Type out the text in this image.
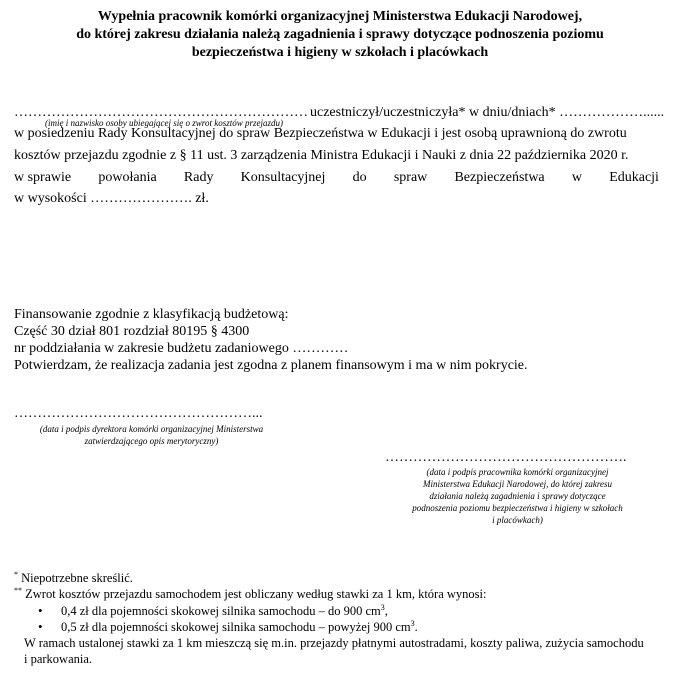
Wypełnia pracownik komórki organizacyjnej Ministerstwa Edukacji Narodowej,
do której zakresu działania należą zagadnienia i sprawy dotyczące podnoszenia poziomu
bezpieczeństwa i higieny w szkołach i placówkach
………………………………………………………
(imię i nazwisko osoby ubiegającej się o zwrot kosztów przejazdu)
uczestniczył/uczestniczyła* w dniu/dniach* ………………......
w posiedzeniu Rady Konsultacyjnej do spraw Bezpieczeństwa w Edukacji i jest osobą uprawnioną do zwrotu
kosztów przejazdu zgodnie z § 11 ust. 3 zarządzenia Ministra Edukacji i Nauki z dnia 22 października 2020 r.
w sprawie powołania Rady Konsultacyjnej do spraw Bezpieczeństwa w Edukacji
w wysokości …………………. zł.
Finansowanie zgodnie z klasyfikacją budżetową:
Część 30 dział 801 rozdział 80195 § 4300
nr poddziałania w zakresie budżetu zadaniowego …………
Potwierdzam, że realizacja zadania jest zgodna z planem finansowym i ma w nim pokrycie.
……………………………………………...
(data i podpis dyrektora komórki organizacyjnej Ministerstwa
zatwierdzającego opis merytoryczny)
…………………………………………….
(data i podpis pracownika komórki organizacyjnej
Ministerstwa Edukacji Narodowej, do której zakresu
działania należą zagadnienia i sprawy dotyczące
podnoszenia poziomu bezpieczeństwa i higieny w szkołach
i placówkach)
* Niepotrzebne skreślić.
** Zwrot kosztów przejazdu samochodem jest obliczany według stawki za 1 km, która wynosi:
• 0,4 zł dla pojemności skokowej silnika samochodu – do 900 $cm^3$,
• 0,5 zł dla pojemności skokowej silnika samochodu – powyżej 900 $cm^3$.
W ramach ustalonej stawki za 1 km mieszczą się m.in. przejazdy płatnymi autostradami, koszty paliwa, zużycia samochodu
i parkowania.
